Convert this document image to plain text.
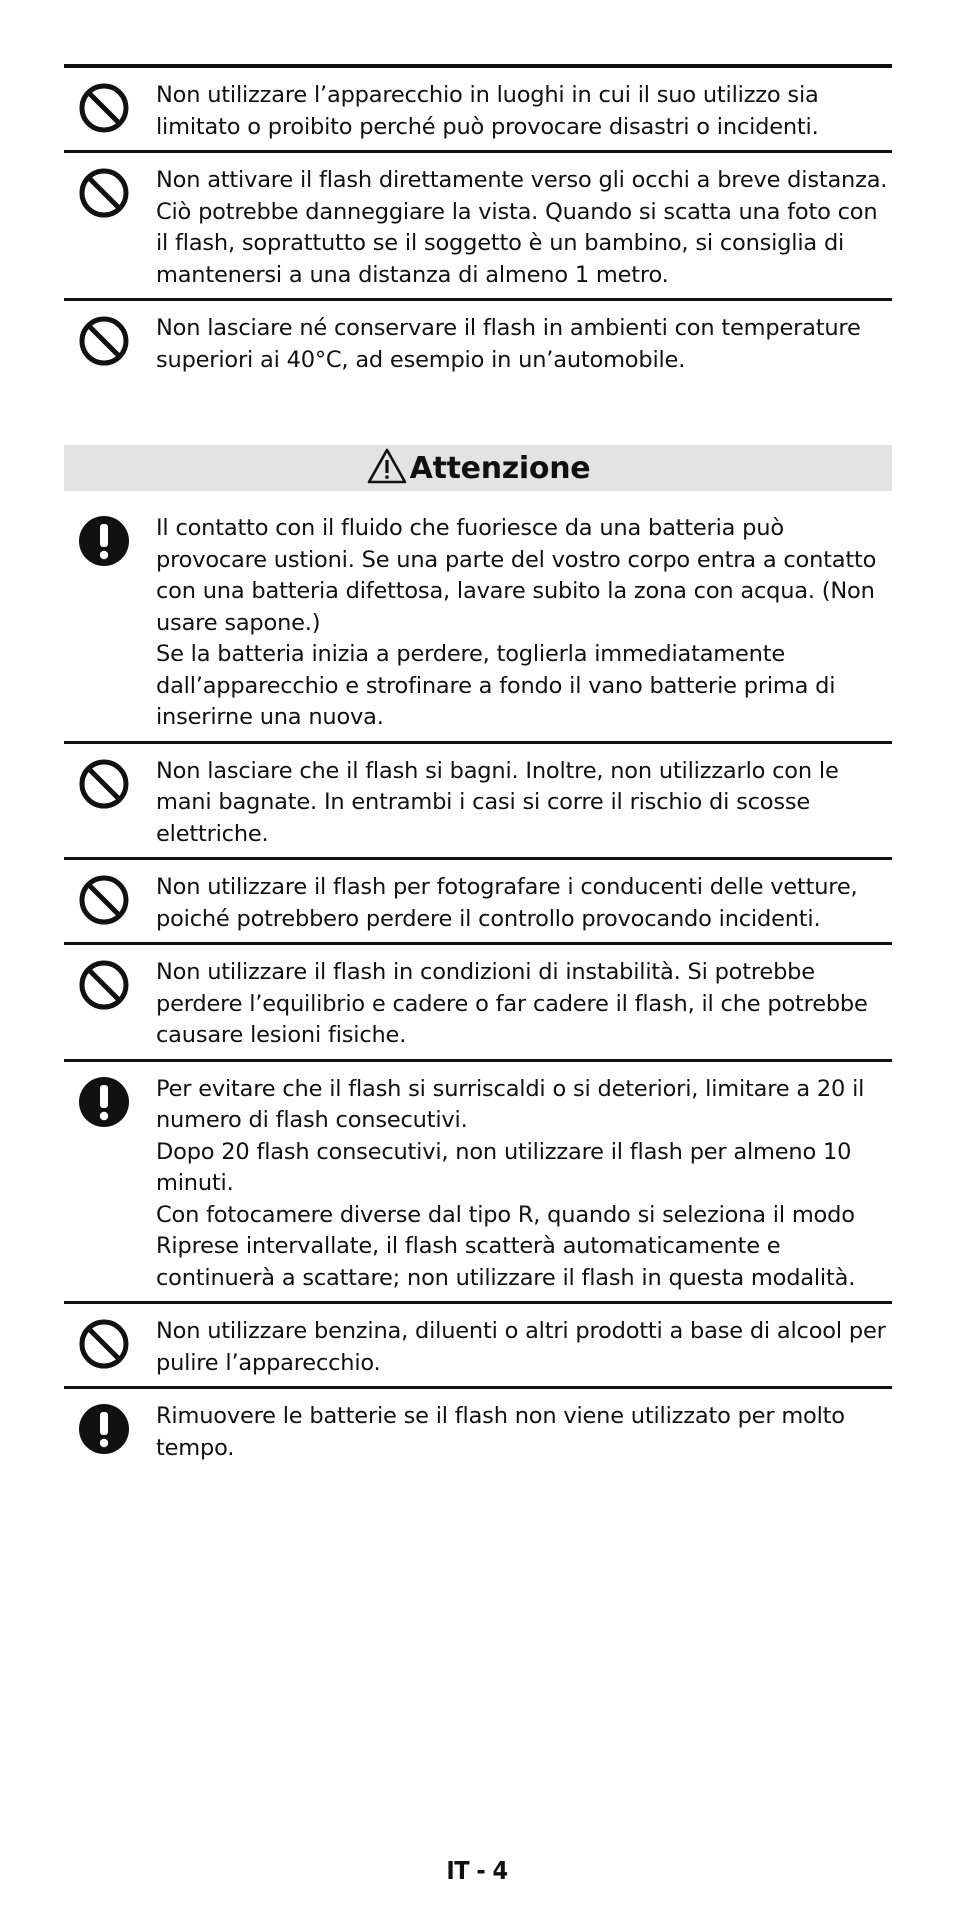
Non utilizzare l’apparecchio in luoghi in cui il suo utilizzo sia limitato o proibito perché può provocare disastri o incidenti.
Non attivare il flash direttamente verso gli occhi a breve distanza. Ciò potrebbe danneggiare la vista. Quando si scatta una foto con il flash, soprattutto se il soggetto è un bambino, si consiglia di mantenersi a una distanza di almeno 1 metro.
Non lasciare né conservare il flash in ambienti con temperature superiori ai 40°C, ad esempio in un’automobile.
Attenzione
Il contatto con il fluido che fuoriesce da una batteria può provocare ustioni. Se una parte del vostro corpo entra a contatto con una batteria difettosa, lavare subito la zona con acqua. (Non usare sapone.)
Se la batteria inizia a perdere, toglierla immediatamente dall’apparecchio e strofinare a fondo il vano batterie prima di inserirne una nuova.
Non lasciare che il flash si bagni. Inoltre, non utilizzarlo con le mani bagnate. In entrambi i casi si corre il rischio di scosse elettriche.
Non utilizzare il flash per fotografare i conducenti delle vetture, poiché potrebbero perdere il controllo provocando incidenti.
Non utilizzare il flash in condizioni di instabilità. Si potrebbe perdere l’equilibrio e cadere o far cadere il flash, il che potrebbe causare lesioni fisiche.
Per evitare che il flash si surriscaldi o si deteriori, limitare a 20 il numero di flash consecutivi.
Dopo 20 flash consecutivi, non utilizzare il flash per almeno 10 minuti.
Con fotocamere diverse dal tipo R, quando si seleziona il modo Riprese intervallate, il flash scatterà automaticamente e continuerà a scattare; non utilizzare il flash in questa modalità.
Non utilizzare benzina, diluenti o altri prodotti a base di alcool per pulire l’apparecchio.
Rimuovere le batterie se il flash non viene utilizzato per molto tempo.
IT - 4
